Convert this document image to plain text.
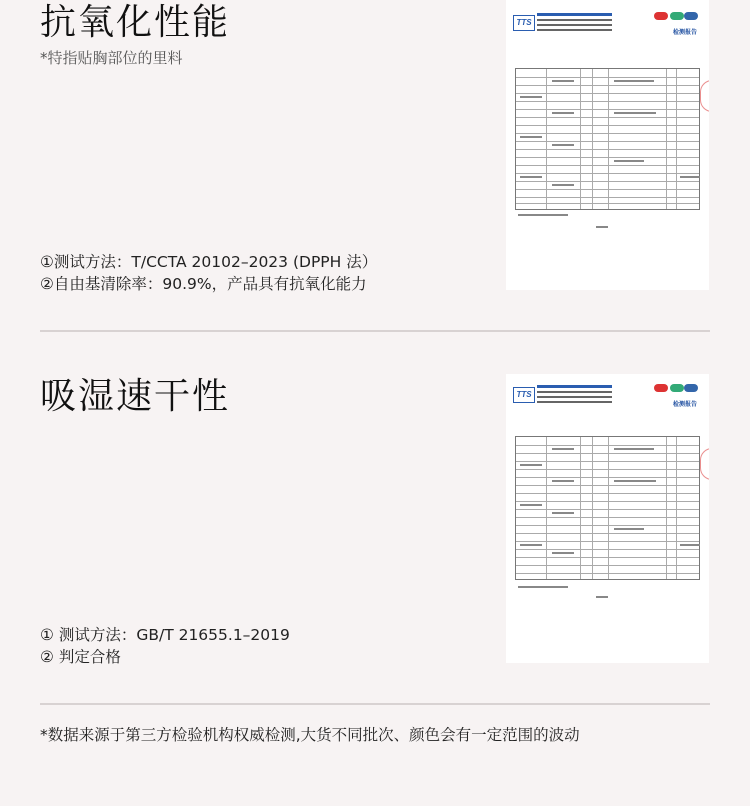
抗氧化性能
*特指贴胸部位的里料
①测试方法：T/CCTA 20102–2023 (DPPH 法）
②自由基清除率：90.9%，产品具有抗氧化能力
TTS
检测报告
吸湿速干性
① 测试方法：GB/T 21655.1–2019
② 判定合格
TTS
检测报告
*数据来源于第三方检验机构权威检测,大货不同批次、颜色会有一定范围的波动
